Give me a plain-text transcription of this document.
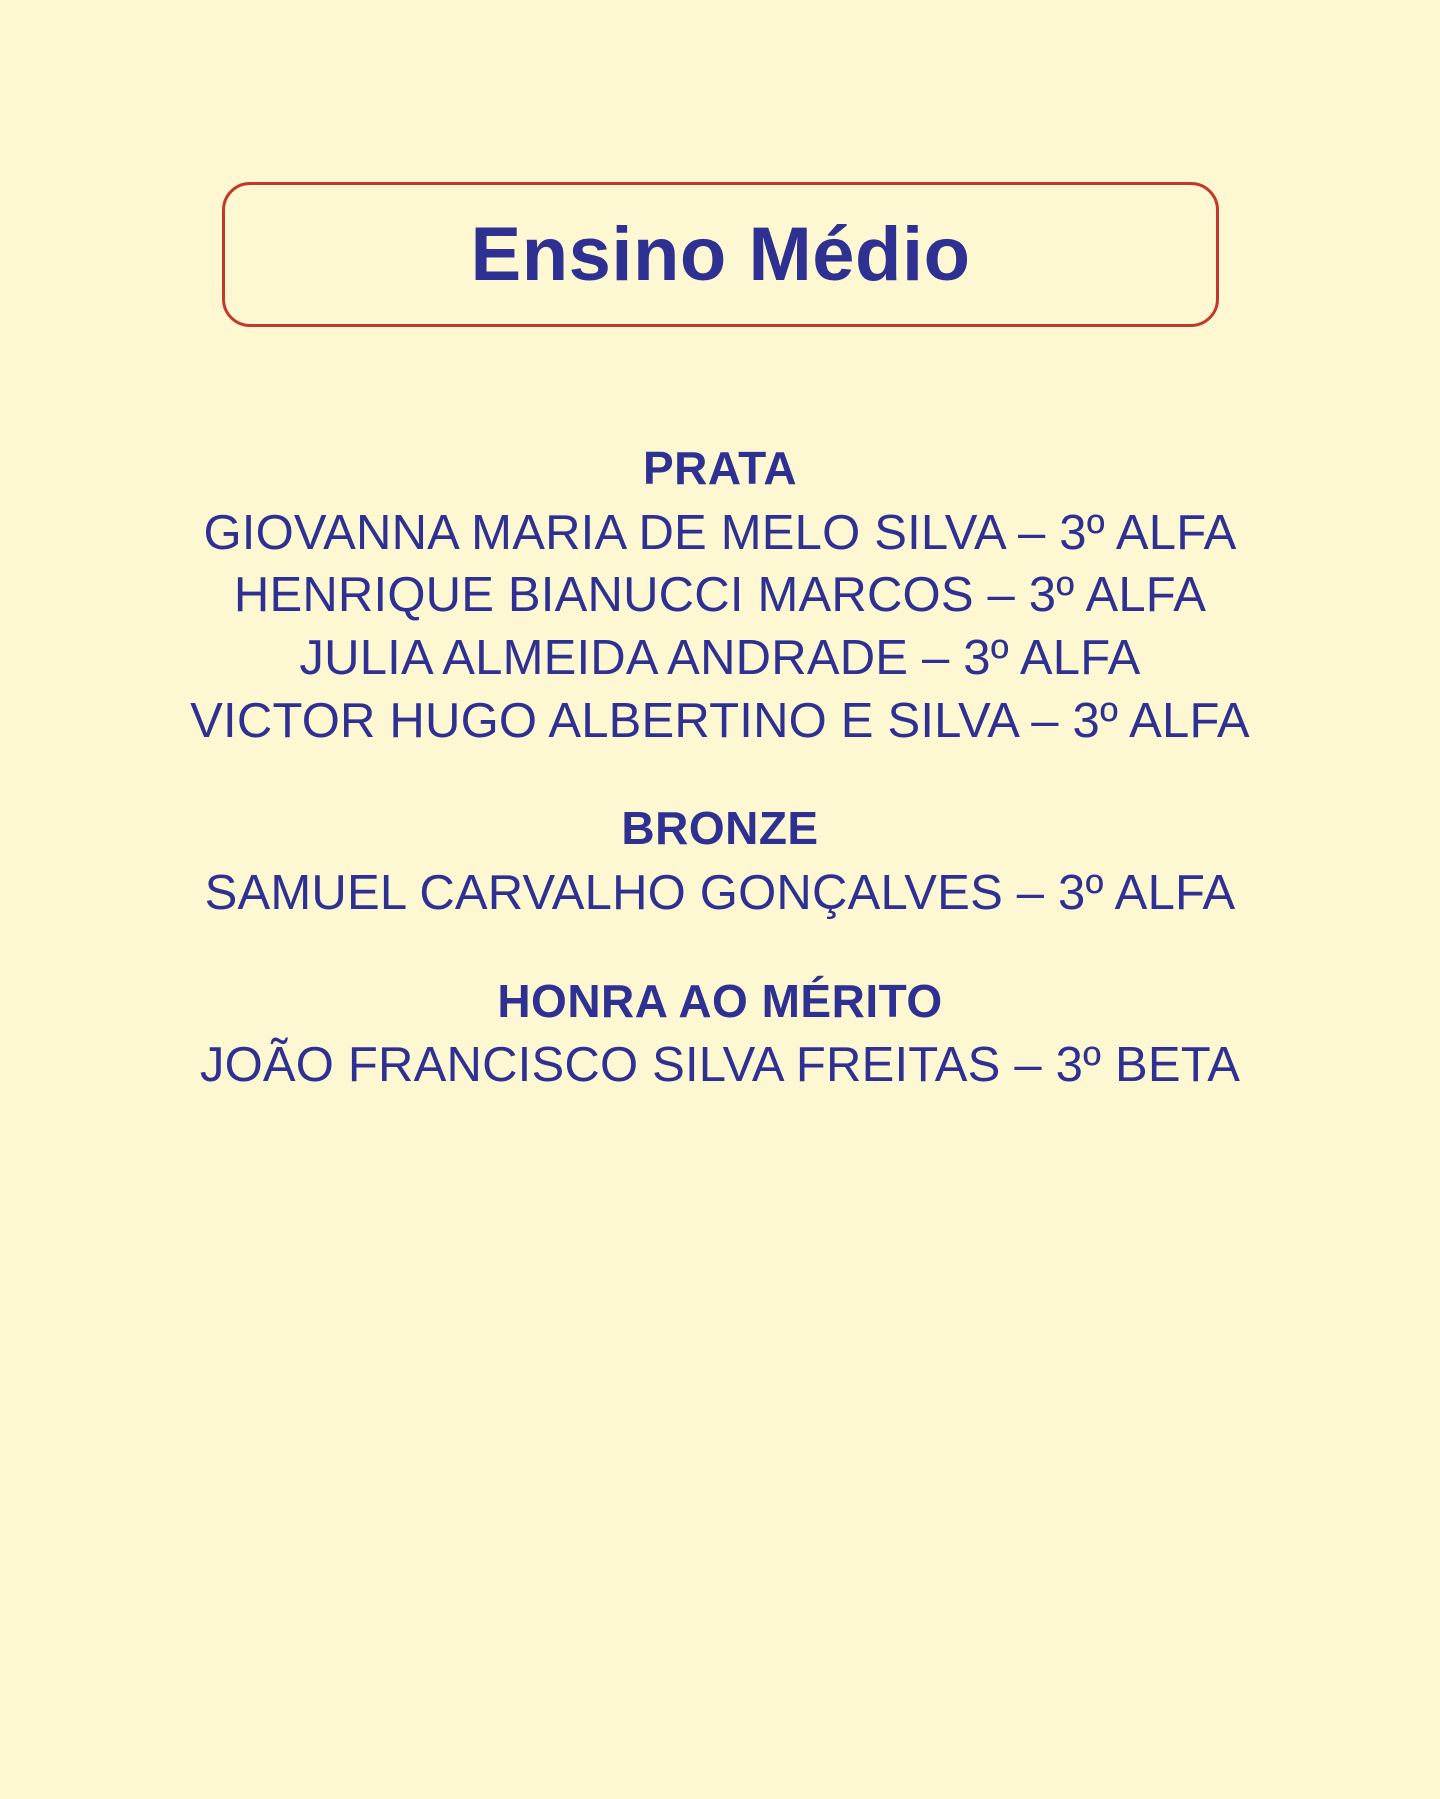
Ensino Médio
PRATA
GIOVANNA MARIA DE MELO SILVA – 3º ALFA
HENRIQUE BIANUCCI MARCOS – 3º ALFA
JULIA ALMEIDA ANDRADE – 3º ALFA
VICTOR HUGO ALBERTINO E SILVA – 3º ALFA
BRONZE
SAMUEL CARVALHO GONÇALVES – 3º ALFA
HONRA AO MÉRITO
JOÃO FRANCISCO SILVA FREITAS – 3º BETA
